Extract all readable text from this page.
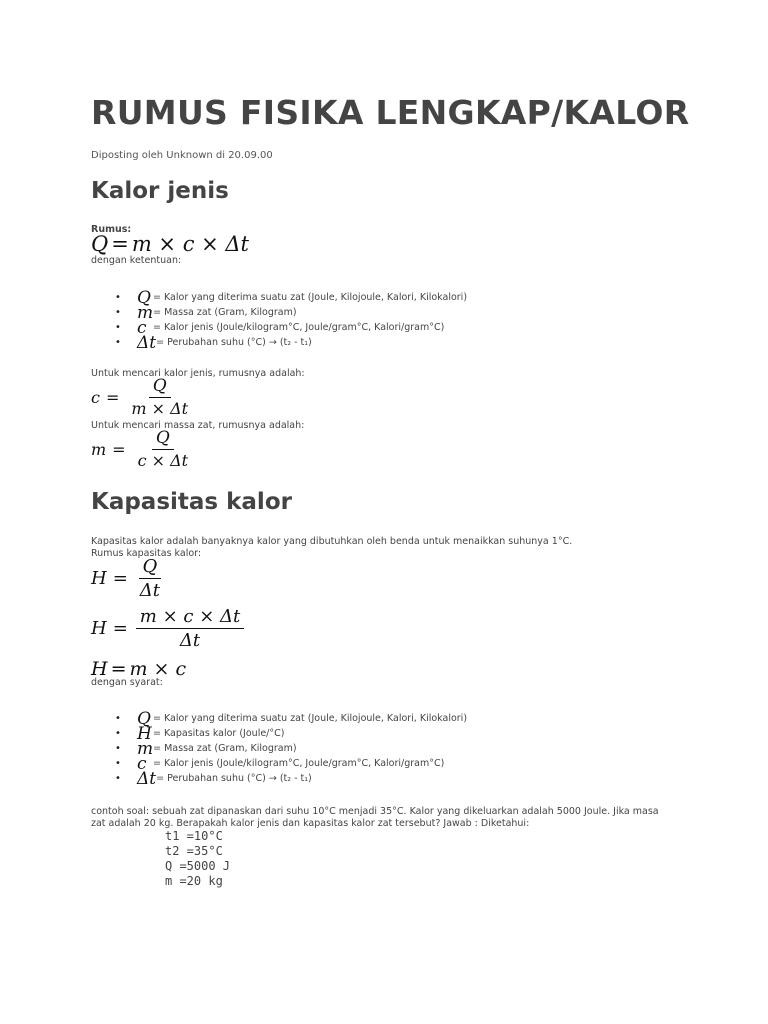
RUMUS FISIKA LENGKAP/KALOR
Diposting oleh Unknown di 20.09.00
Kalor jenis
Rumus:
Q = m × c × Δt
dengan ketentuan:
• Q = Kalor yang diterima suatu zat (Joule, Kilojoule, Kalori, Kilokalori)
• m = Massa zat (Gram, Kilogram)
• c = Kalor jenis (Joule/kilogram°C, Joule/gram°C, Kalori/gram°C)
• Δt = Perubahan suhu (°C) → (t₂ - t₁)
Untuk mencari kalor jenis, rumusnya adalah:
$c = \frac{Q}{m \times \Delta t}$
Untuk mencari massa zat, rumusnya adalah:
$m = \frac{Q}{c \times \Delta t}$
Kapasitas kalor
Kapasitas kalor adalah banyaknya kalor yang dibutuhkan oleh benda untuk menaikkan suhunya 1°C.
Rumus kapasitas kalor:
$H = \frac{Q}{\Delta t}$
$H = \frac{m \times c \times \Delta t}{\Delta t}$
H = m × c
dengan syarat:
• Q = Kalor yang diterima suatu zat (Joule, Kilojoule, Kalori, Kilokalori)
• H = Kapasitas kalor (Joule/°C)
• m = Massa zat (Gram, Kilogram)
• c = Kalor jenis (Joule/kilogram°C, Joule/gram°C, Kalori/gram°C)
• Δt = Perubahan suhu (°C) → (t₂ - t₁)
contoh soal: sebuah zat dipanaskan dari suhu 10°C menjadi 35°C. Kalor yang dikeluarkan adalah 5000 Joule. Jika masa
zat adalah 20 kg. Berapakah kalor jenis dan kapasitas kalor zat tersebut? Jawab : Diketahui:
t1 =10°C
t2 =35°C
Q =5000 J
m =20 kg
